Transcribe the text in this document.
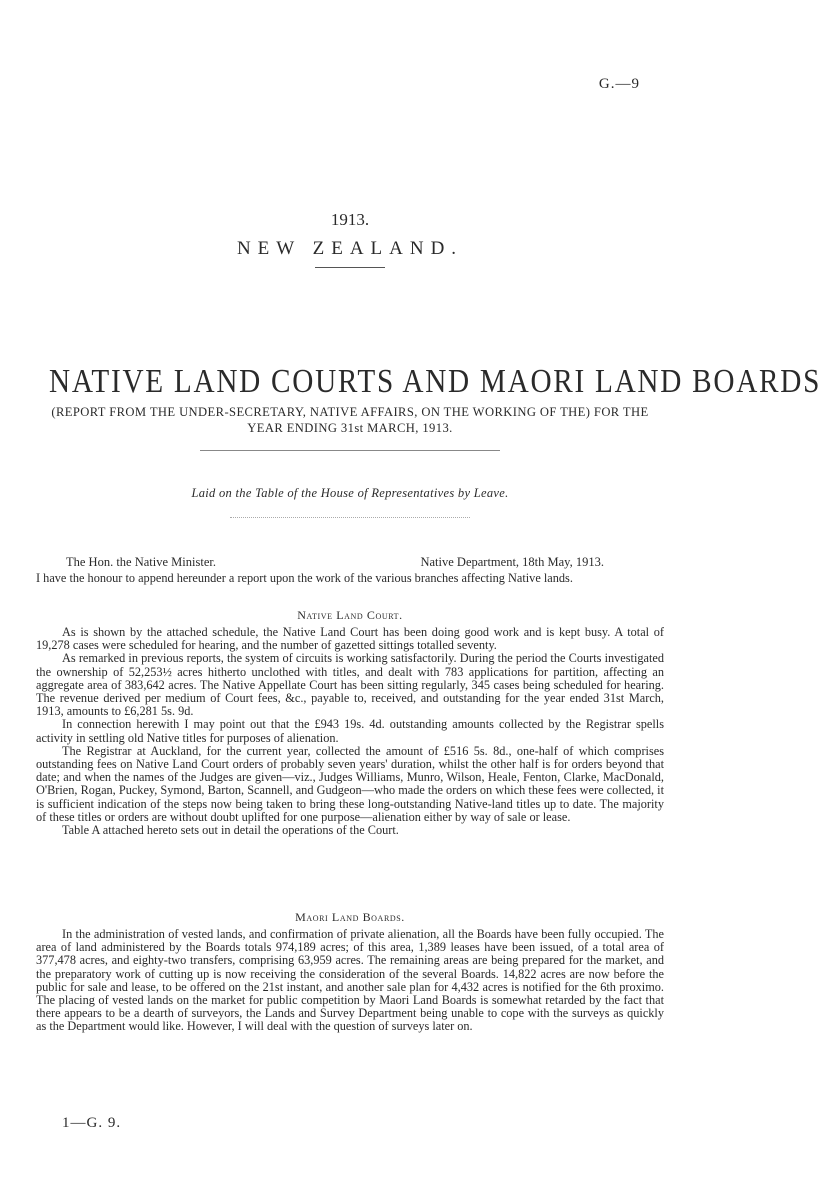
G.—9
1913.
NEW ZEALAND.
NATIVE LAND COURTS AND MAORI LAND BOARDS
(REPORT FROM THE UNDER-SECRETARY, NATIVE AFFAIRS, ON THE WORKING OF THE) FOR THE YEAR ENDING 31st MARCH, 1913.
Laid on the Table of the House of Representatives by Leave.
The Hon. the Native Minister.	Native Department, 18th May, 1913.

I have the honour to append hereunder a report upon the work of the various branches affecting Native lands.

Native Land Court.

As is shown by the attached schedule, the Native Land Court has been doing good work and is kept busy. A total of 19,278 cases were scheduled for hearing, and the number of gazetted sittings totalled seventy.

As remarked in previous reports, the system of circuits is working satisfactorily. During the period the Courts investigated the ownership of 52,253½ acres hitherto unclothed with titles, and dealt with 783 applications for partition, affecting an aggregate area of 383,642 acres. The Native Appellate Court has been sitting regularly, 345 cases being scheduled for hearing. The revenue derived per medium of Court fees, &c., payable to, received, and outstanding for the year ended 31st March, 1913, amounts to £6,281 5s. 9d.

In connection herewith I may point out that the £943 19s. 4d. outstanding amounts collected by the Registrar spells activity in settling old Native titles for purposes of alienation.

The Registrar at Auckland, for the current year, collected the amount of £516 5s. 8d., one-half of which comprises outstanding fees on Native Land Court orders of probably seven years' duration, whilst the other half is for orders beyond that date; and when the names of the Judges are given—viz., Judges Williams, Munro, Wilson, Heale, Fenton, Clarke, MacDonald, O'Brien, Rogan, Puckey, Symond, Barton, Scannell, and Gudgeon—who made the orders on which these fees were collected, it is sufficient indication of the steps now being taken to bring these long-outstanding Native-land titles up to date. The majority of these titles or orders are without doubt uplifted for one purpose—alienation either by way of sale or lease.

Table A attached hereto sets out in detail the operations of the Court.

Maori Land Boards.

In the administration of vested lands, and confirmation of private alienation, all the Boards have been fully occupied. The area of land administered by the Boards totals 974,189 acres; of this area, 1,389 leases have been issued, of a total area of 377,478 acres, and eighty-two transfers, comprising 63,959 acres. The remaining areas are being prepared for the market, and the preparatory work of cutting up is now receiving the consideration of the several Boards. 14,822 acres are now before the public for sale and lease, to be offered on the 21st instant, and another sale plan for 4,432 acres is notified for the 6th proximo. The placing of vested lands on the market for public competition by Maori Land Boards is somewhat retarded by the fact that there appears to be a dearth of surveyors, the Lands and Survey Department being unable to cope with the surveys as quickly as the Department would like. However, I will deal with the question of surveys later on.

1—G. 9.
